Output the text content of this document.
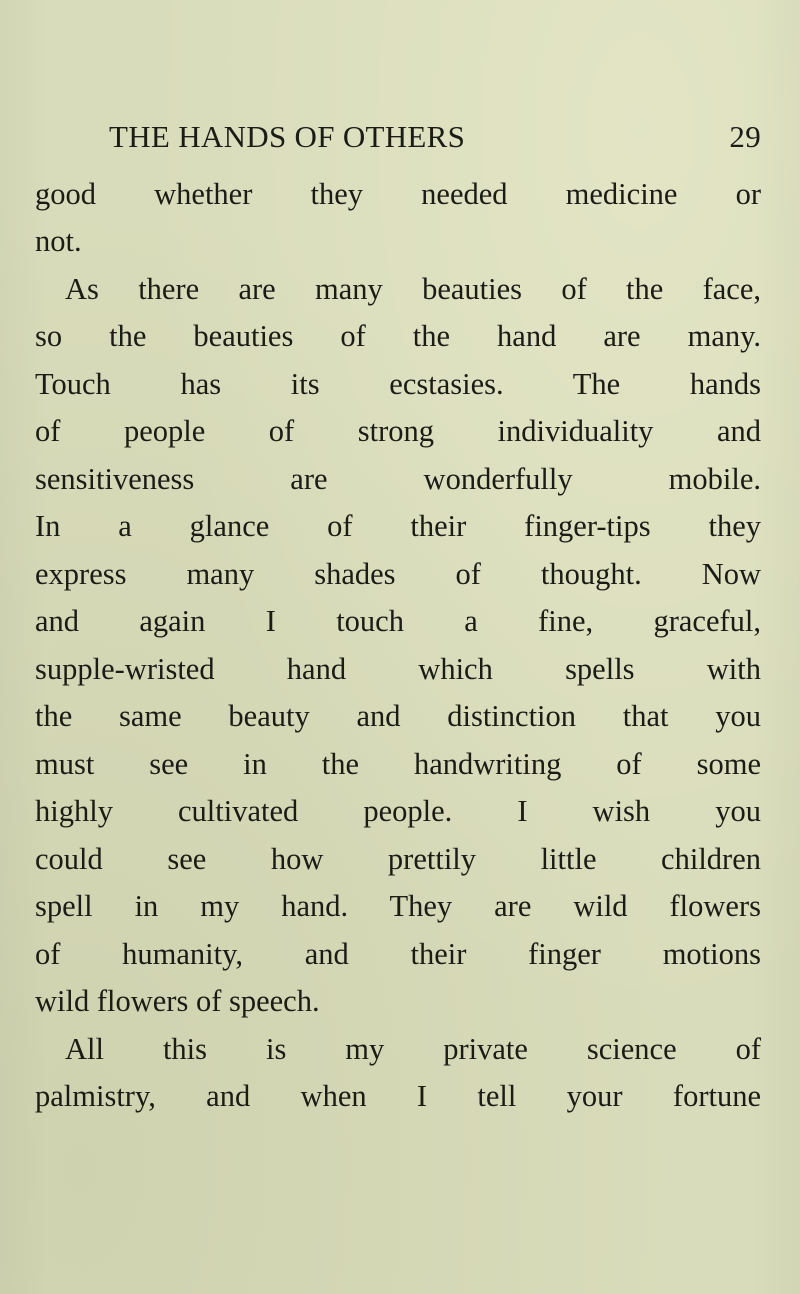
THE HANDS OF OTHERS	29
good whether they needed medicine or
not.
As there are many beauties of the face,
so the beauties of the hand are many.
Touch has its ecstasies. The hands
of people of strong individuality and
sensitiveness are wonderfully mobile.
In a glance of their finger-tips they
express many shades of thought. Now
and again I touch a fine, graceful,
supple-wristed hand which spells with
the same beauty and distinction that you
must see in the handwriting of some
highly cultivated people. I wish you
could see how prettily little children
spell in my hand. They are wild flowers
of humanity, and their finger motions
wild flowers of speech.
All this is my private science of
palmistry, and when I tell your fortune
